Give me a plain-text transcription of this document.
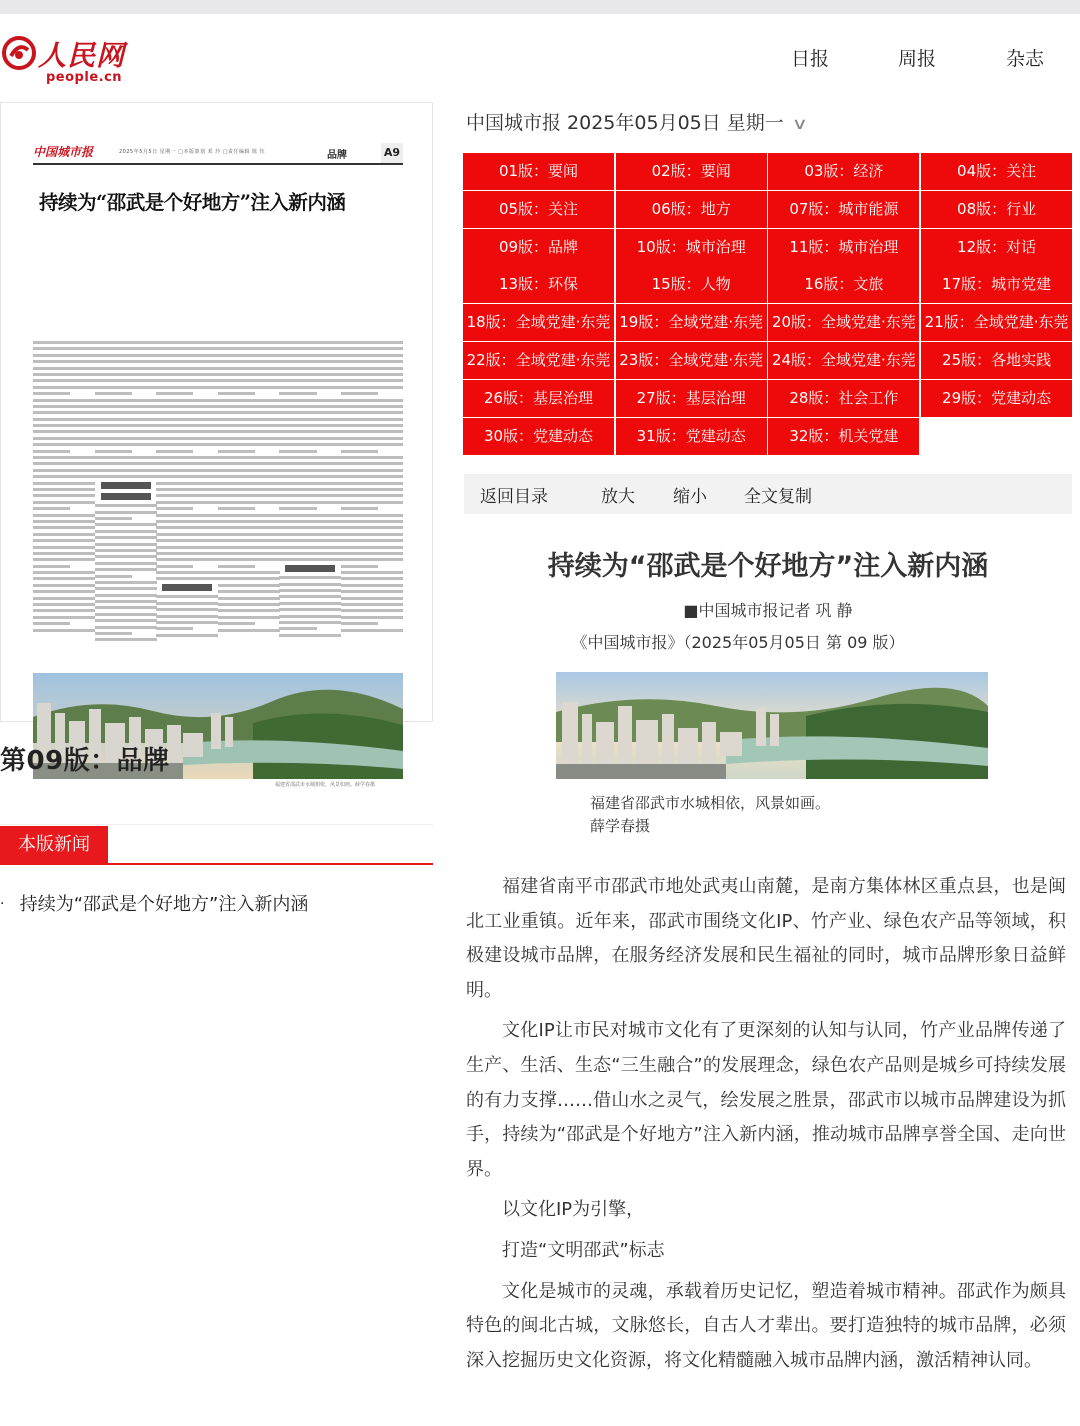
人民网
people.cn
日报	周报	杂志
中国城市报	2025年5月5日 星期一 □本版策划 邓 玲 □责任编辑 陈 钰	品牌	A9
持续为“邵武是个好地方”注入新内涵
福建省邵武市水城相依，风景如画。薛学春摄
第09版：品牌
本版新闻
· 持续为“邵武是个好地方”注入新内涵
中国城市报 2025年05月05日 星期一 ∨
01版：要闻	02版：要闻	03版：经济	04版：关注
05版：关注	06版：地方	07版：城市能源	08版：行业
09版：品牌	10版：城市治理	11版：城市治理	12版：对话
13版：环保	15版：人物	16版：文旅	17版：城市党建
18版：全域党建·东莞 19版：全域党建·东莞 20版：全域党建·东莞 21版：全域党建·东莞
22版：全域党建·东莞 23版：全域党建·东莞 24版：全域党建·东莞	25版：各地实践
26版：基层治理	27版：基层治理	28版：社会工作	29版：党建动态
30版：党建动态	31版：党建动态	32版：机关党建
返回目录	放大 缩小 全文复制
持续为“邵武是个好地方”注入新内涵
■中国城市报记者 巩 静
《中国城市报》（2025年05月05日 第 09 版）
福建省邵武市水城相依，风景如画。
薛学春摄

福建省南平市邵武市地处武夷山南麓，是南方集体林区重点县，也是闽北工业重镇。近年来，邵武市围绕文化IP、竹产业、绿色农产品等领域，积极建设城市品牌，在服务经济发展和民生福祉的同时，城市品牌形象日益鲜明。

文化IP让市民对城市文化有了更深刻的认知与认同，竹产业品牌传递了生产、生活、生态“三生融合”的发展理念，绿色农产品则是城乡可持续发展的有力支撑……借山水之灵气，绘发展之胜景，邵武市以城市品牌建设为抓手，持续为“邵武是个好地方”注入新内涵，推动城市品牌享誉全国、走向世界。

以文化IP为引擎，

打造“文明邵武”标志

文化是城市的灵魂，承载着历史记忆，塑造着城市精神。邵武作为颇具特色的闽北古城，文脉悠长，自古人才辈出。要打造独特的城市品牌，必须深入挖掘历史文化资源，将文化精髓融入城市品牌内涵，激活精神认同。
